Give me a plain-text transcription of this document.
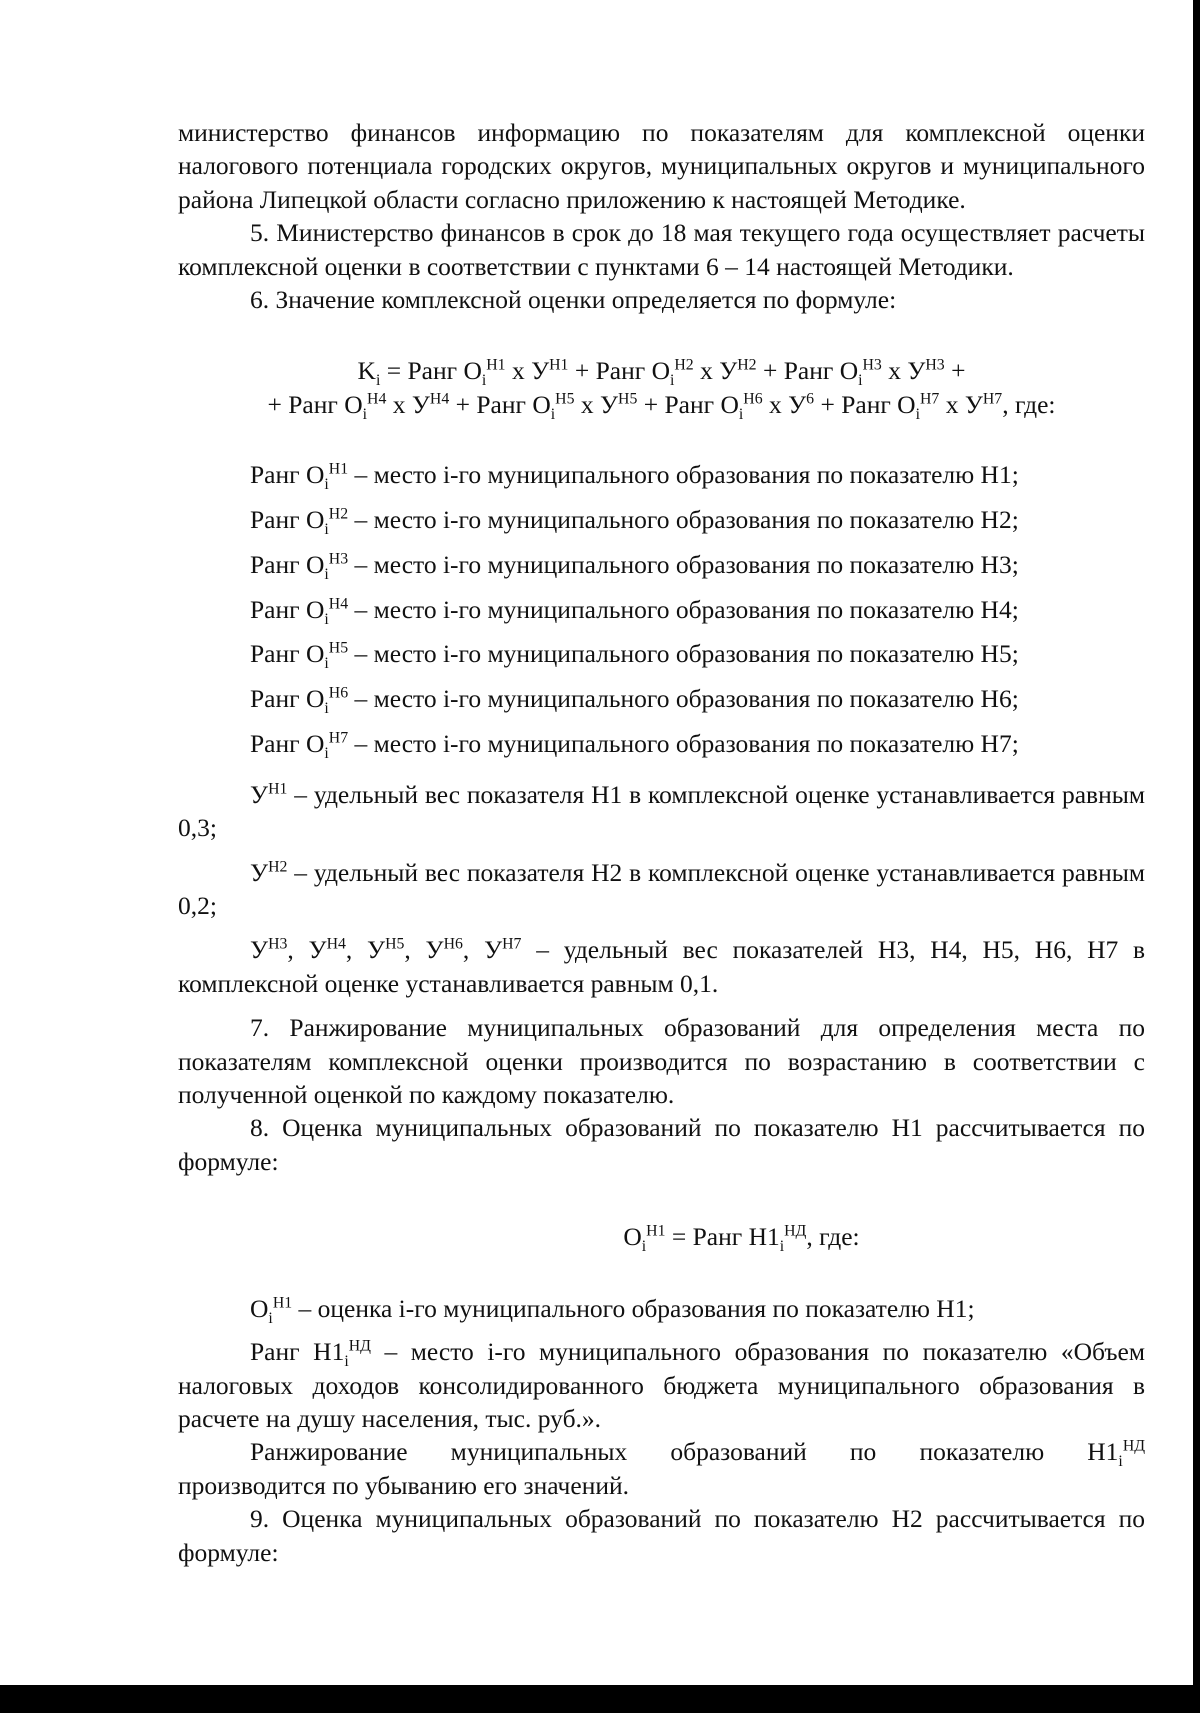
министерство финансов информацию по показателям для комплексной оценки налогового потенциала городских округов, муниципальных округов и муниципального района Липецкой области согласно приложению к настоящей Методике.

5. Министерство финансов в срок до 18 мая текущего года осуществляет расчеты комплексной оценки в соответствии с пунктами 6 – 14 настоящей Методики.

6. Значение комплексной оценки определяется по формуле:

$K_i$ = Ранг $O_i^{Н1}$ х $У^{Н1}$ + Ранг $O_i^{Н2}$ х $У^{Н2}$ + Ранг $O_i^{Н3}$ х $У^{Н3}$ +

+ Ранг $O_i^{Н4}$ х $У^{Н4}$ + Ранг $O_i^{Н5}$ х $У^{Н5}$ + Ранг $O_i^{Н6}$ х $У^6$ + Ранг $O_i^{Н7}$ х $У^{Н7}$, где:

Ранг $O_i^{Н1}$ – место i-го муниципального образования по показателю Н1;

Ранг $O_i^{Н2}$ – место i-го муниципального образования по показателю Н2;

Ранг $O_i^{Н3}$ – место i-го муниципального образования по показателю Н3;

Ранг $O_i^{Н4}$ – место i-го муниципального образования по показателю Н4;

Ранг $O_i^{Н5}$ – место i-го муниципального образования по показателю Н5;

Ранг $O_i^{Н6}$ – место i-го муниципального образования по показателю Н6;

Ранг $O_i^{Н7}$ – место i-го муниципального образования по показателю Н7;

$У^{Н1}$ – удельный вес показателя Н1 в комплексной оценке устанавливается равным 0,3;

$У^{Н2}$ – удельный вес показателя Н2 в комплексной оценке устанавливается равным 0,2;

$У^{Н3}$, $У^{Н4}$, $У^{Н5}$, $У^{Н6}$, $У^{Н7}$ – удельный вес показателей Н3, Н4, Н5, Н6, Н7 в комплексной оценке устанавливается равным 0,1.

7. Ранжирование муниципальных образований для определения места по показателям комплексной оценки производится по возрастанию в соответствии с полученной оценкой по каждому показателю.

8. Оценка муниципальных образований по показателю Н1 рассчитывается по формуле:

$O_i^{Н1}$ = Ранг $Н1_i^{НД}$, где:

$O_i^{Н1}$ – оценка i-го муниципального образования по показателю Н1;

Ранг $Н1_i^{НД}$ – место i-го муниципального образования по показателю «Объем налоговых доходов консолидированного бюджета муниципального образования в расчете на душу населения, тыс. руб.».

Ранжирование муниципальных образований по показателю $Н1_i^{НД}$ производится по убыванию его значений.

9. Оценка муниципальных образований по показателю Н2 рассчитывается по формуле:
